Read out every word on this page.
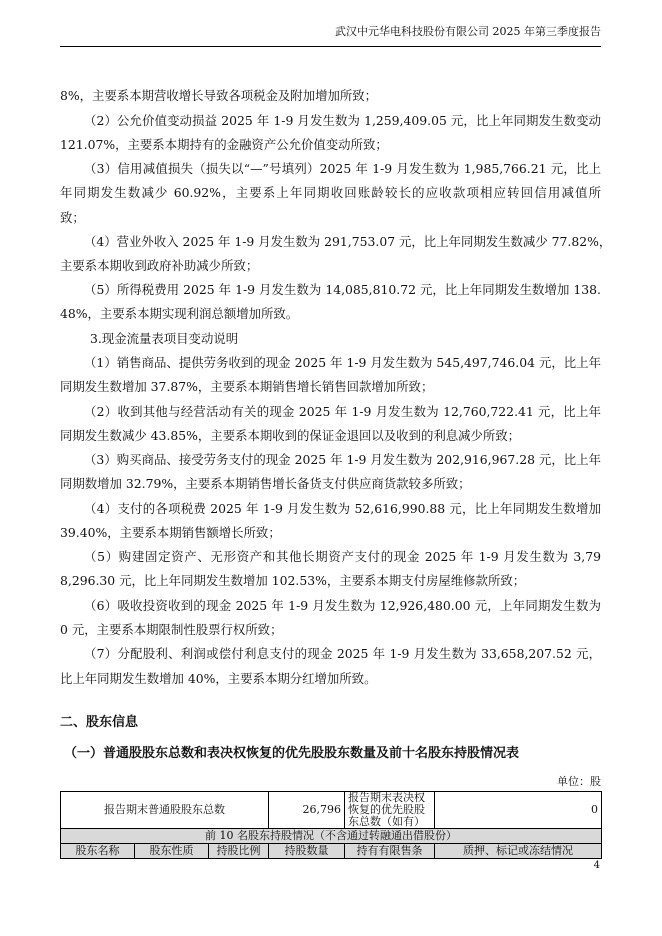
武汉中元华电科技股份有限公司 2025 年第三季度报告
8%，主要系本期营收增长导致各项税金及附加增加所致；
（2）公允价值变动损益 2025 年 1-9 月发生数为 1,259,409.05 元，比上年同期发生数变动
121.07%，主要系本期持有的金融资产公允价值变动所致；
（3）信用减值损失（损失以“—”号填列）2025 年 1-9 月发生数为 1,985,766.21 元，比上
年同期发生数减少 60.92%，主要系上年同期收回账龄较长的应收款项相应转回信用减值所
致；
（4）营业外收入 2025 年 1-9 月发生数为 291,753.07 元，比上年同期发生数减少 77.82%，
主要系本期收到政府补助减少所致；
（5）所得税费用 2025 年 1-9 月发生数为 14,085,810.72 元，比上年同期发生数增加 138.
48%，主要系本期实现利润总额增加所致。
3.现金流量表项目变动说明
（1）销售商品、提供劳务收到的现金 2025 年 1-9 月发生数为 545,497,746.04 元，比上年
同期发生数增加 37.87%，主要系本期销售增长销售回款增加所致；
（2）收到其他与经营活动有关的现金 2025 年 1-9 月发生数为 12,760,722.41 元，比上年
同期发生数减少 43.85%，主要系本期收到的保证金退回以及收到的利息减少所致；
（3）购买商品、接受劳务支付的现金 2025 年 1-9 月发生数为 202,916,967.28 元，比上年
同期数增加 32.79%，主要系本期销售增长备货支付供应商货款较多所致；
（4）支付的各项税费 2025 年 1-9 月发生数为 52,616,990.88 元，比上年同期发生数增加
39.40%，主要系本期销售额增长所致；
（5）购建固定资产、无形资产和其他长期资产支付的现金 2025 年 1-9 月发生数为 3,79
8,296.30 元，比上年同期发生数增加 102.53%，主要系本期支付房屋维修款所致；
（6）吸收投资收到的现金 2025 年 1-9 月发生数为 12,926,480.00 元，上年同期发生数为
0 元，主要系本期限制性股票行权所致；
（7）分配股利、利润或偿付利息支付的现金 2025 年 1-9 月发生数为 33,658,207.52 元，
比上年同期发生数增加 40%，主要系本期分红增加所致。
二、股东信息
（一）普通股股东总数和表决权恢复的优先股股东数量及前十名股东持股情况表
单位：股
报告期末普通股股东总数			26,796	报告期末表决权恢复的优先股股东总数（如有）	0
前 10 名股东持股情况（不含通过转融通出借股份）					
股东名称	股东性质	持股比例	持股数量	持有有限售条	质押、标记或冻结情况
4
